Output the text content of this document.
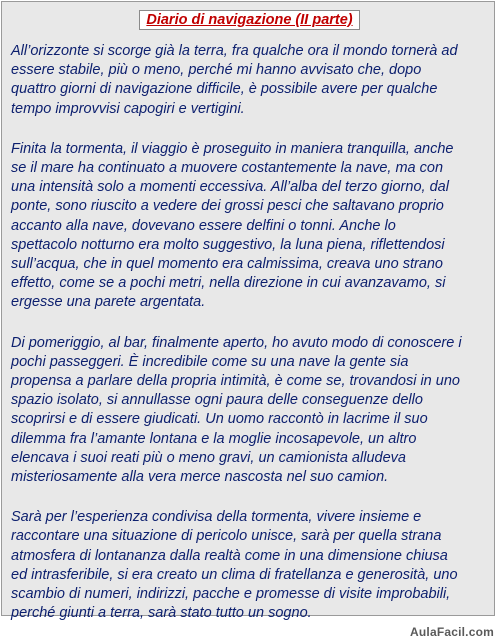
Diario di navigazione (II parte)

All’orizzonte si scorge già la terra, fra qualche ora il mondo tornerà ad
essere stabile, più o meno, perché mi hanno avvisato che, dopo
quattro giorni di navigazione difficile, è possibile avere per qualche
tempo improvvisi capogiri e vertigini.

Finita la tormenta, il viaggio è proseguito in maniera tranquilla, anche
se il mare ha continuato a muovere costantemente la nave, ma con
una intensità solo a momenti eccessiva. All’alba del terzo giorno, dal
ponte, sono riuscito a vedere dei grossi pesci che saltavano proprio
accanto alla nave, dovevano essere delfini o tonni. Anche lo
spettacolo notturno era molto suggestivo, la luna piena, riflettendosi
sull’acqua, che in quel momento era calmissima, creava uno strano
effetto, come se a pochi metri, nella direzione in cui avanzavamo, si
ergesse una parete argentata.

Di pomeriggio, al bar, finalmente aperto, ho avuto modo di conoscere i
pochi passeggeri. È incredibile come su una nave la gente sia
propensa a parlare della propria intimità, è come se, trovandosi in uno
spazio isolato, si annullasse ogni paura delle conseguenze dello
scoprirsi e di essere giudicati. Un uomo raccontò in lacrime il suo
dilemma fra l’amante lontana e la moglie incosapevole, un altro
elencava i suoi reati più o meno gravi, un camionista alludeva
misteriosamente alla vera merce nascosta nel suo camion.

Sarà per l’esperienza condivisa della tormenta, vivere insieme e
raccontare una situazione di pericolo unisce, sarà per quella strana
atmosfera di lontananza dalla realtà come in una dimensione chiusa
ed intrasferibile, si era creato un clima di fratellanza e generosità, uno
scambio di numeri, indirizzi, pacche e promesse di visite improbabili,
perché giunti a terra, sarà stato tutto un sogno.

AulaFacil.com
